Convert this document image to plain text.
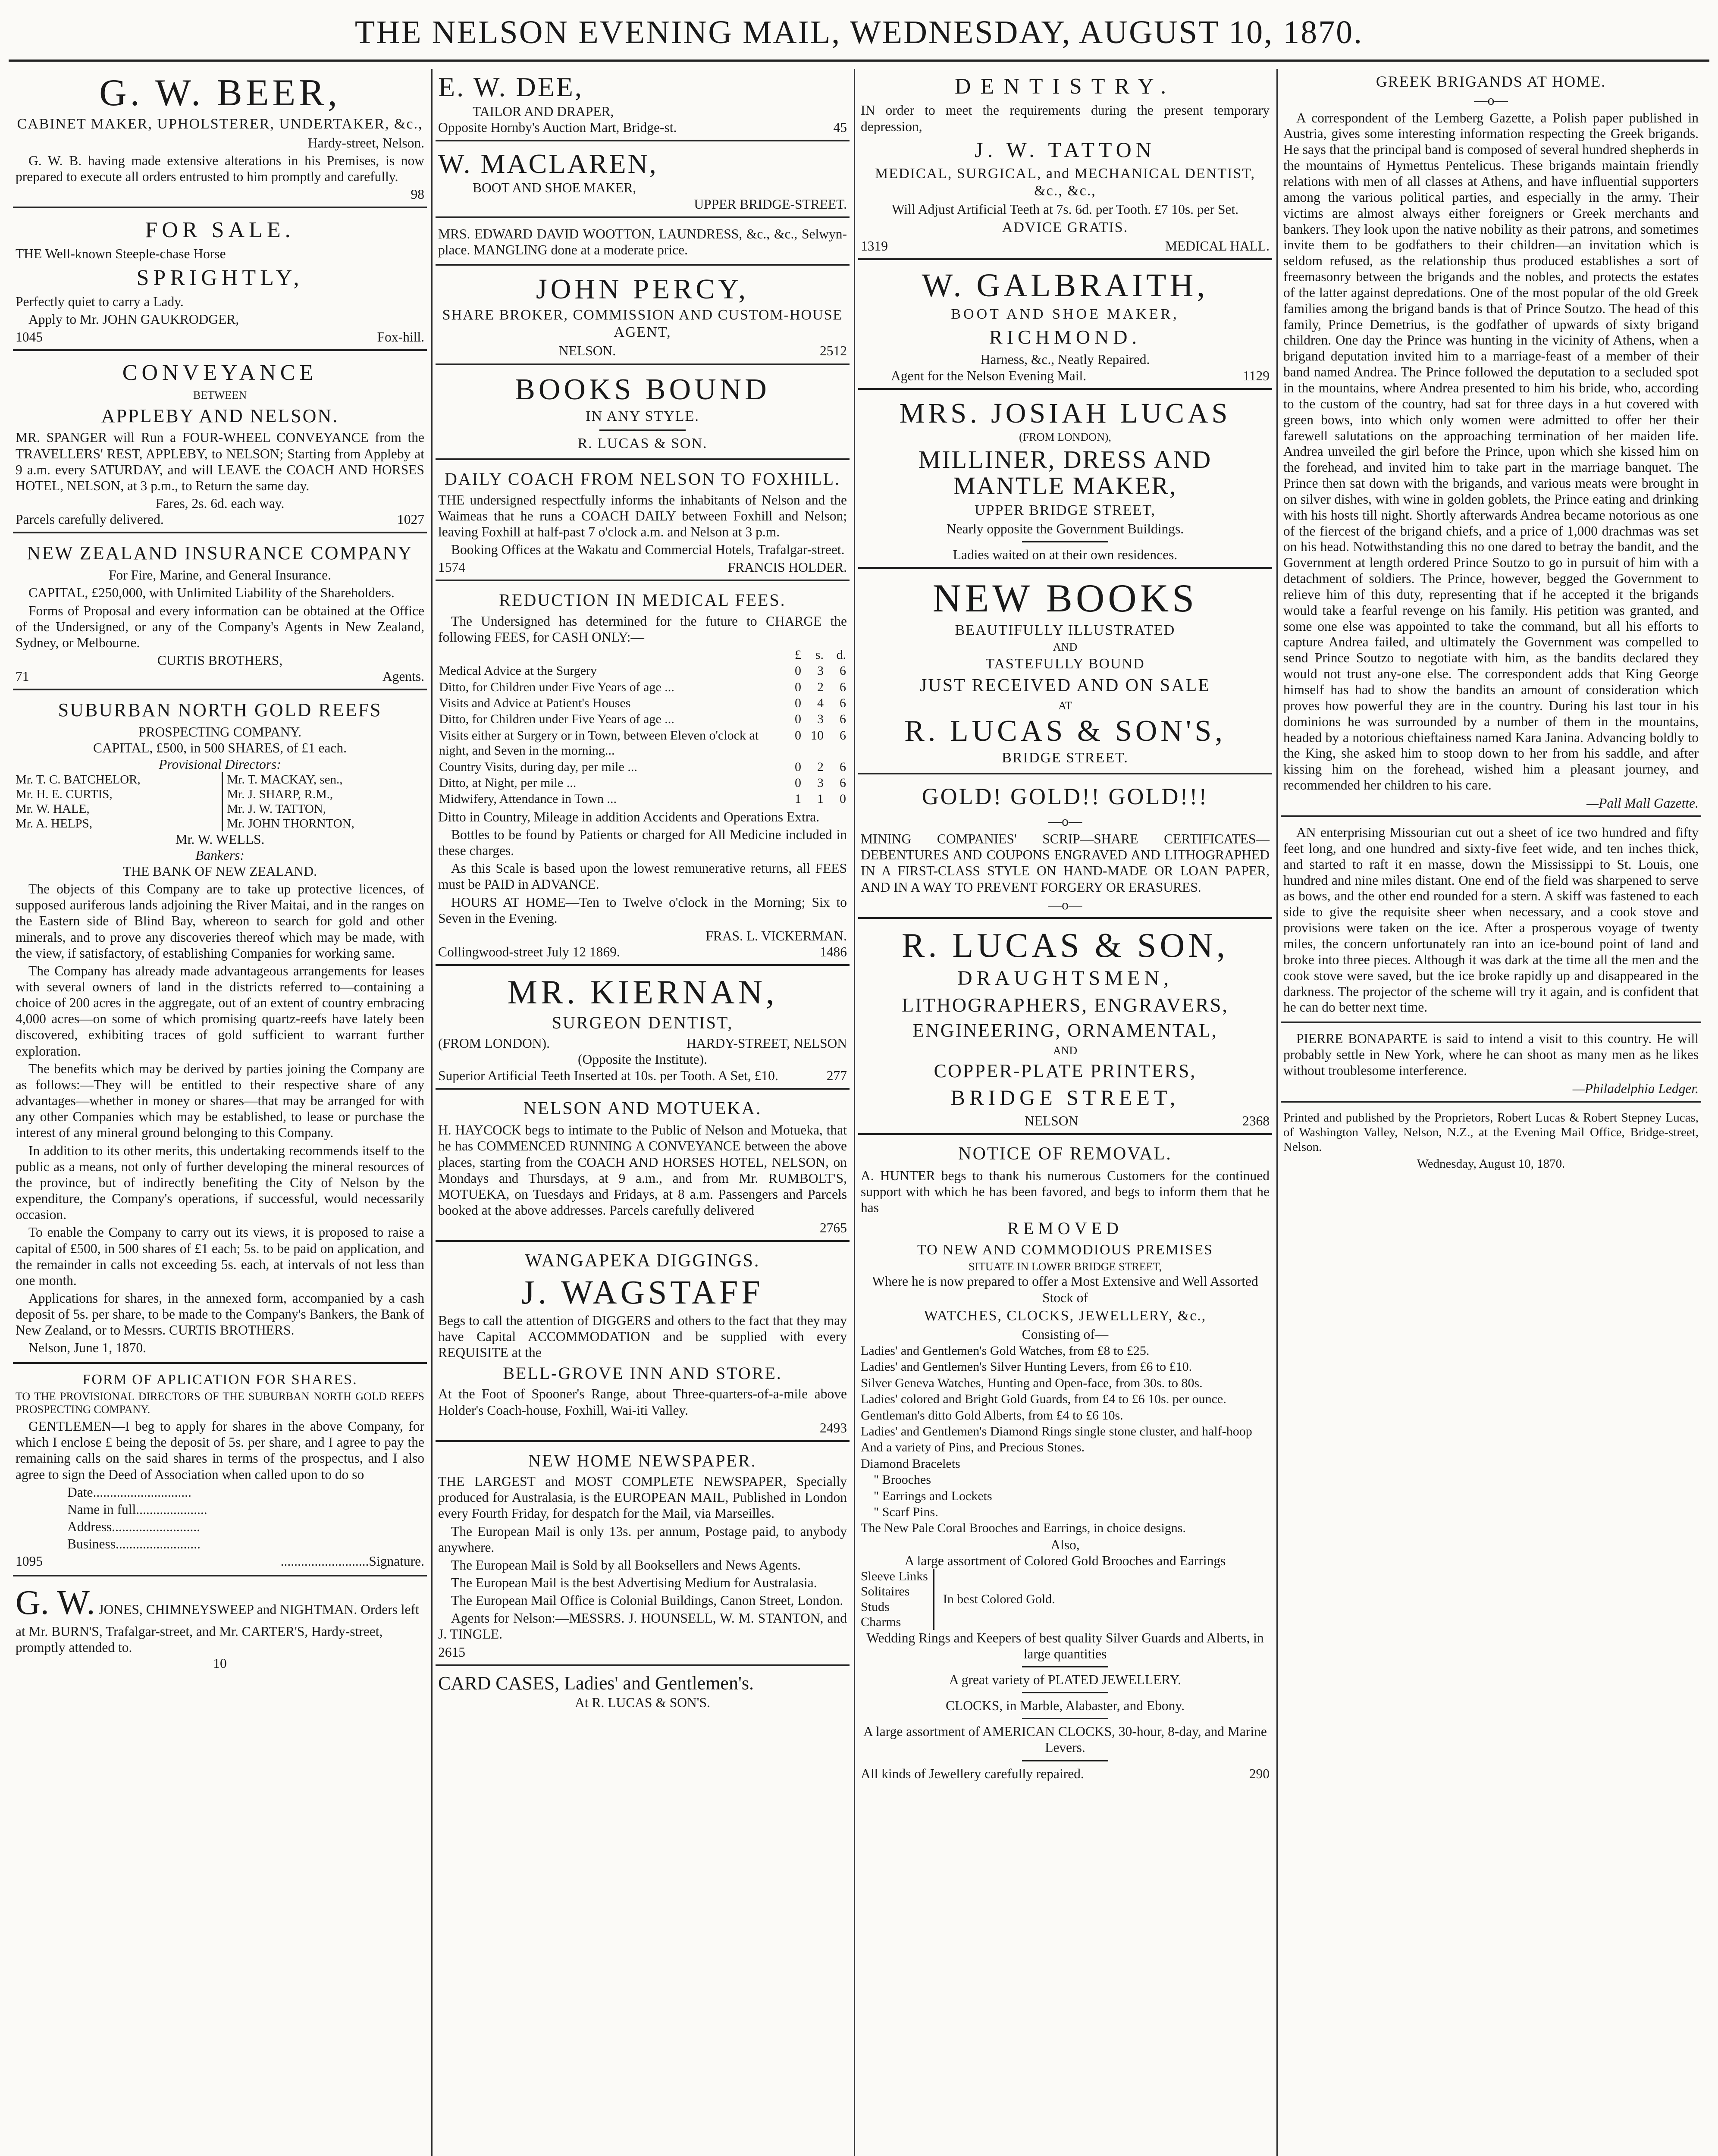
THE NELSON EVENING MAIL, WEDNESDAY, AUGUST 10, 1870.
G. W. BEER,
CABINET MAKER, UPHOLSTERER, UNDERTAKER, &c.,
Hardy-street, Nelson.

G. W. B. having made extensive alterations in his Premises, is now prepared to execute all orders entrusted to him promptly and carefully.

98
FOR SALE.

THE Well-known Steeple-chase Horse

SPRIGHTLY,

Perfectly quiet to carry a Lady.

Apply to Mr. JOHN GAUKRODGER,

1045	Fox-hill.
CONVEYANCE
BETWEEN
APPLEBY AND NELSON.

MR. SPANGER will Run a FOUR-WHEEL CONVEYANCE from the TRAVELLERS' REST, APPLEBY, to NELSON; Starting from Appleby at 9 a.m. every SATURDAY, and will LEAVE the COACH AND HORSES HOTEL, NELSON, at 3 p.m., to Return the same day.

Fares, 2s. 6d. each way.
Parcels carefully delivered.	1027
NEW ZEALAND INSURANCE COMPANY
For Fire, Marine, and General Insurance.

CAPITAL, £250,000, with Unlimited Liability of the Shareholders.

Forms of Proposal and every information can be obtained at the Office of the Undersigned, or any of the Company's Agents in New Zealand, Sydney, or Melbourne.

CURTIS BROTHERS,
71	Agents.
SUBURBAN NORTH GOLD REEFS
PROSPECTING COMPANY.
CAPITAL, £500, in 500 SHARES, of £1 each.
Provisional Directors:
Mr. T. C. BATCHELOR,
Mr. H. E. CURTIS,
Mr. W. HALE,
Mr. A. HELPS,
Mr. T. MACKAY, sen.,
Mr. J. SHARP, R.M.,
Mr. J. W. TATTON,
Mr. JOHN THORNTON,
Mr. W. WELLS.
Bankers:
THE BANK OF NEW ZEALAND.

The objects of this Company are to take up protective licences, of supposed auriferous lands adjoining the River Maitai, and in the ranges on the Eastern side of Blind Bay, whereon to search for gold and other minerals, and to prove any discoveries thereof which may be made, with the view, if satisfactory, of establishing Companies for working same.

The Company has already made advantageous arrangements for leases with several owners of land in the districts referred to—containing a choice of 200 acres in the aggregate, out of an extent of country embracing 4,000 acres—on some of which promising quartz-reefs have lately been discovered, exhibiting traces of gold sufficient to warrant further exploration.

The benefits which may be derived by parties joining the Company are as follows:—They will be entitled to their respective share of any advantages—whether in money or shares—that may be arranged for with any other Companies which may be established, to lease or purchase the interest of any mineral ground belonging to this Company.

In addition to its other merits, this undertaking recommends itself to the public as a means, not only of further developing the mineral resources of the province, but of indirectly benefiting the City of Nelson by the expenditure, the Company's operations, if successful, would necessarily occasion.

To enable the Company to carry out its views, it is proposed to raise a capital of £500, in 500 shares of £1 each; 5s. to be paid on application, and the remainder in calls not exceeding 5s. each, at intervals of not less than one month.

Applications for shares, in the annexed form, accompanied by a cash deposit of 5s. per share, to be made to the Company's Bankers, the Bank of New Zealand, or to Messrs. CURTIS BROTHERS.

Nelson, June 1, 1870.

FORM OF APLICATION FOR SHARES.

TO THE PROVISIONAL DIRECTORS OF THE SUBURBAN NORTH GOLD REEFS PROSPECTING COMPANY.

GENTLEMEN—I beg to apply for shares in the above Company, for which I enclose £ being the deposit of 5s. per share, and I agree to pay the remaining calls on the said shares in terms of the prospectus, and I also agree to sign the Deed of Association when called upon to do so

Date.............................
Name in full.....................
Address..........................
Business.........................
1095	..........................Signature.
G. W. JONES, CHIMNEYSWEEP and NIGHTMAN. Orders left at Mr. BURN'S, Trafalgar-street, and Mr. CARTER'S, Hardy-street, promptly attended to.
10
E. W. DEE,
TAILOR AND DRAPER,
Opposite Hornby's Auction Mart, Bridge-st.	45
W. MACLAREN,
BOOT AND SHOE MAKER,
UPPER BRIDGE-STREET.

MRS. EDWARD DAVID WOOTTON, LAUNDRESS, &c., &c., Selwyn-place. MANGLING done at a moderate price.

JOHN PERCY,
SHARE BROKER, COMMISSION AND CUSTOM-HOUSE AGENT,
NELSON.	2512
BOOKS BOUND
IN ANY STYLE.
R. LUCAS & SON.
DAILY COACH FROM NELSON TO FOXHILL.

THE undersigned respectfully informs the inhabitants of Nelson and the Waimeas that he runs a COACH DAILY between Foxhill and Nelson; leaving Foxhill at half-past 7 o'clock a.m. and Nelson at 3 p.m.

Booking Offices at the Wakatu and Commercial Hotels, Trafalgar-street.

1574	FRANCIS HOLDER.
REDUCTION IN MEDICAL FEES.

The Undersigned has determined for the future to CHARGE the following FEES, for CASH ONLY:—

	£	s.	d.
Medical Advice at the Surgery	0	3	6
Ditto, for Children under Five Years of age ...	0	2	6
Visits and Advice at Patient's Houses	0	4	6
Ditto, for Children under Five Years of age ...	0	3	6
Visits either at Surgery or in Town, between Eleven o'clock at night, and Seven in the morning...	0	10	6
Country Visits, during day, per mile ...	0	2	6
Ditto, at Night, per mile ...	0	3	6
Midwifery, Attendance in Town ...	1	1	0

Ditto in Country, Mileage in addition Accidents and Operations Extra.

Bottles to be found by Patients or charged for All Medicine included in these charges.

As this Scale is based upon the lowest remunerative returns, all FEES must be PAID in ADVANCE.

HOURS AT HOME—Ten to Twelve o'clock in the Morning; Six to Seven in the Evening.

FRAS. L. VICKERMAN.
Collingwood-street July 12 1869.	1486
MR. KIERNAN,
SURGEON DENTIST,
(FROM LONDON).	HARDY-STREET, NELSON
(Opposite the Institute).
Superior Artificial Teeth Inserted at 10s. per Tooth. A Set, £10.	277
NELSON AND MOTUEKA.

H. HAYCOCK begs to intimate to the Public of Nelson and Motueka, that he has COMMENCED RUNNING A CONVEYANCE between the above places, starting from the COACH AND HORSES HOTEL, NELSON, on Mondays and Thursdays, at 9 a.m., and from Mr. RUMBOLT'S, MOTUEKA, on Tuesdays and Fridays, at 8 a.m. Passengers and Parcels booked at the above addresses. Parcels carefully delivered

2765
WANGAPEKA DIGGINGS.
J. WAGSTAFF

Begs to call the attention of DIGGERS and others to the fact that they may have Capital ACCOMMODATION and be supplied with every REQUISITE at the

BELL-GROVE INN AND STORE.

At the Foot of Spooner's Range, about Three-quarters-of-a-mile above Holder's Coach-house, Foxhill, Wai-iti Valley.

2493
NEW HOME NEWSPAPER.

THE LARGEST and MOST COMPLETE NEWSPAPER, Specially produced for Australasia, is the EUROPEAN MAIL, Published in London every Fourth Friday, for despatch for the Mail, via Marseilles.

The European Mail is only 13s. per annum, Postage paid, to anybody anywhere.

The European Mail is Sold by all Booksellers and News Agents.

The European Mail is the best Advertising Medium for Australasia.

The European Mail Office is Colonial Buildings, Canon Street, London.

Agents for Nelson:—MESSRS. J. HOUNSELL, W. M. STANTON, and J. TINGLE.

2615
CARD CASES, Ladies' and Gentlemen's.
At R. LUCAS & SON'S.
DENTISTRY.

IN order to meet the requirements during the present temporary depression,

J. W. TATTON
MEDICAL, SURGICAL, and MECHANICAL DENTIST, &c., &c.,
Will Adjust Artificial Teeth at 7s. 6d. per Tooth. £7 10s. per Set.
ADVICE GRATIS.
1319	MEDICAL HALL.
W. GALBRAITH,
BOOT AND SHOE MAKER,
RICHMOND.
Harness, &c., Neatly Repaired.
Agent for the Nelson Evening Mail.	1129
MRS. JOSIAH LUCAS
(FROM LONDON),
MILLINER, DRESS AND MANTLE MAKER,
UPPER BRIDGE STREET,
Nearly opposite the Government Buildings.
Ladies waited on at their own residences.
NEW BOOKS
BEAUTIFULLY ILLUSTRATED
AND
TASTEFULLY BOUND
JUST RECEIVED AND ON SALE
AT
R. LUCAS & SON'S,
BRIDGE STREET.
GOLD! GOLD!! GOLD!!!
—o—

MINING COMPANIES' SCRIP—SHARE CERTIFICATES—DEBENTURES AND COUPONS ENGRAVED AND LITHOGRAPHED IN A FIRST-CLASS STYLE ON HAND-MADE OR LOAN PAPER, AND IN A WAY TO PREVENT FORGERY OR ERASURES.

—o—
R. LUCAS & SON,
DRAUGHTSMEN,
LITHOGRAPHERS, ENGRAVERS,
ENGINEERING, ORNAMENTAL,
AND
COPPER-PLATE PRINTERS,
BRIDGE STREET,
NELSON	2368
NOTICE OF REMOVAL.

A. HUNTER begs to thank his numerous Customers for the continued support with which he has been favored, and begs to inform them that he has

REMOVED
TO NEW AND COMMODIOUS PREMISES
SITUATE IN LOWER BRIDGE STREET,
Where he is now prepared to offer a Most Extensive and Well Assorted Stock of
WATCHES, CLOCKS, JEWELLERY, &c.,
Consisting of—
Ladies' and Gentlemen's Gold Watches, from £8 to £25.
Ladies' and Gentlemen's Silver Hunting Levers, from £6 to £10.
Silver Geneva Watches, Hunting and Open-face, from 30s. to 80s.
Ladies' colored and Bright Gold Guards, from £4 to £6 10s. per ounce.
Gentleman's ditto Gold Alberts, from £4 to £6 10s.
Ladies' and Gentlemen's Diamond Rings single stone cluster, and half-hoop
And a variety of Pins, and Precious Stones.
Diamond Bracelets
" Brooches
" Earrings and Lockets
" Scarf Pins.
The New Pale Coral Brooches and Earrings, in choice designs.
Also,
A large assortment of Colored Gold Brooches and Earrings
Sleeve Links
Solitaires
Studs
Charms
In best Colored Gold.
Wedding Rings and Keepers of best quality Silver Guards and Alberts, in large quantities
A great variety of PLATED JEWELLERY.
CLOCKS, in Marble, Alabaster, and Ebony.
A large assortment of AMERICAN CLOCKS, 30-hour, 8-day, and Marine Levers.
All kinds of Jewellery carefully repaired.	290
GREEK BRIGANDS AT HOME.
—o—

A correspondent of the Lemberg Gazette, a Polish paper published in Austria, gives some interesting information respecting the Greek brigands. He says that the principal band is composed of several hundred shepherds in the mountains of Hymettus Pentelicus. These brigands maintain friendly relations with men of all classes at Athens, and have influential supporters among the various political parties, and especially in the army. Their victims are almost always either foreigners or Greek merchants and bankers. They look upon the native nobility as their patrons, and sometimes invite them to be godfathers to their children—an invitation which is seldom refused, as the relationship thus produced establishes a sort of freemasonry between the brigands and the nobles, and protects the estates of the latter against depredations. One of the most popular of the old Greek families among the brigand bands is that of Prince Soutzo. The head of this family, Prince Demetrius, is the godfather of upwards of sixty brigand children. One day the Prince was hunting in the vicinity of Athens, when a brigand deputation invited him to a marriage-feast of a member of their band named Andrea. The Prince followed the deputation to a secluded spot in the mountains, where Andrea presented to him his bride, who, according to the custom of the country, had sat for three days in a hut covered with green bows, into which only women were admitted to offer her their farewell salutations on the approaching termination of her maiden life. Andrea unveiled the girl before the Prince, upon which she kissed him on the forehead, and invited him to take part in the marriage banquet. The Prince then sat down with the brigands, and various meats were brought in on silver dishes, with wine in golden goblets, the Prince eating and drinking with his hosts till night. Shortly afterwards Andrea became notorious as one of the fiercest of the brigand chiefs, and a price of 1,000 drachmas was set on his head. Notwithstanding this no one dared to betray the bandit, and the Government at length ordered Prince Soutzo to go in pursuit of him with a detachment of soldiers. The Prince, however, begged the Government to relieve him of this duty, representing that if he accepted it the brigands would take a fearful revenge on his family. His petition was granted, and some one else was appointed to take the command, but all his efforts to capture Andrea failed, and ultimately the Government was compelled to send Prince Soutzo to negotiate with him, as the bandits declared they would not trust any-one else. The correspondent adds that King George himself has had to show the bandits an amount of consideration which proves how powerful they are in the country. During his last tour in his dominions he was surrounded by a number of them in the mountains, headed by a notorious chieftainess named Kara Janina. Advancing boldly to the King, she asked him to stoop down to her from his saddle, and after kissing him on the forehead, wished him a pleasant journey, and recommended her children to his care.

—Pall Mall Gazette.

AN enterprising Missourian cut out a sheet of ice two hundred and fifty feet long, and one hundred and sixty-five feet wide, and ten inches thick, and started to raft it en masse, down the Mississippi to St. Louis, one hundred and nine miles distant. One end of the field was sharpened to serve as bows, and the other end rounded for a stern. A skiff was fastened to each side to give the requisite sheer when necessary, and a cook stove and provisions were taken on the ice. After a prosperous voyage of twenty miles, the concern unfortunately ran into an ice-bound point of land and broke into three pieces. Although it was dark at the time all the men and the cook stove were saved, but the ice broke rapidly up and disappeared in the darkness. The projector of the scheme will try it again, and is confident that he can do better next time.

PIERRE BONAPARTE is said to intend a visit to this country. He will probably settle in New York, where he can shoot as many men as he likes without troublesome interference.

—Philadelphia Ledger.

Printed and published by the Proprietors, Robert Lucas & Robert Stepney Lucas, of Washington Valley, Nelson, N.Z., at the Evening Mail Office, Bridge-street, Nelson.

Wednesday, August 10, 1870.
